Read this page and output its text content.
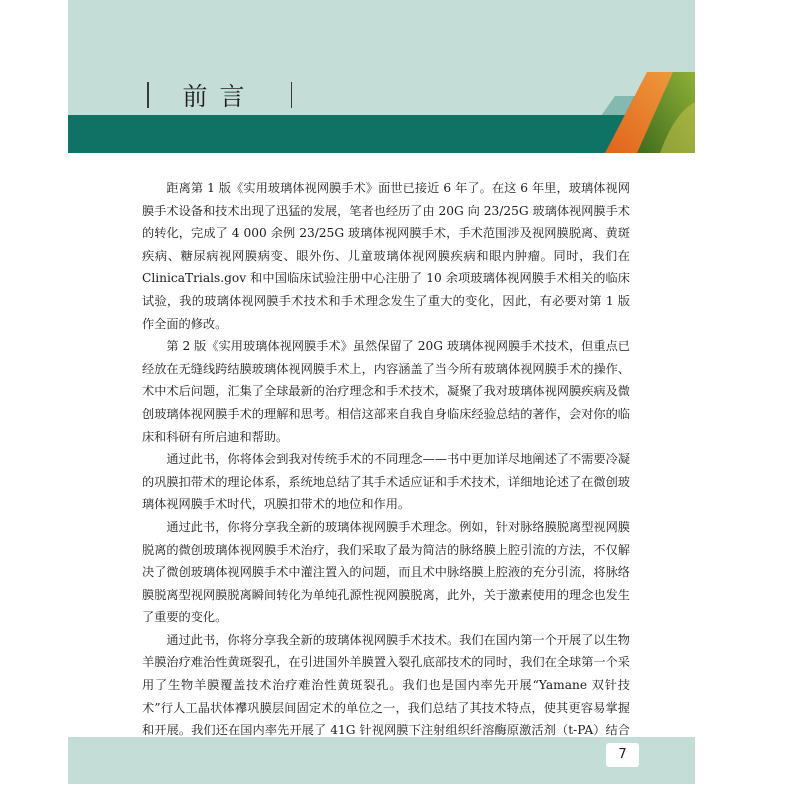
前言

距离第 1 版《实用玻璃体视网膜手术》面世已接近 6 年了。在这 6 年里，玻璃体视网膜手术设备和技术出现了迅猛的发展，笔者也经历了由 20G 向 23/25G 玻璃体视网膜手术的转化，完成了 4 000 余例 23/25G 玻璃体视网膜手术，手术范围涉及视网膜脱离、黄斑疾病、糖尿病视网膜病变、眼外伤、儿童玻璃体视网膜疾病和眼内肿瘤。同时，我们在 ClinicaTrials.gov 和中国临床试验注册中心注册了 10 余项玻璃体视网膜手术相关的临床试验，我的玻璃体视网膜手术技术和手术理念发生了重大的变化，因此，有必要对第 1 版作全面的修改。

第 2 版《实用玻璃体视网膜手术》虽然保留了 20G 玻璃体视网膜手术技术，但重点已经放在无缝线跨结膜玻璃体视网膜手术上，内容涵盖了当今所有玻璃体视网膜手术的操作、术中术后问题，汇集了全球最新的治疗理念和手术技术，凝聚了我对玻璃体视网膜疾病及微创玻璃体视网膜手术的理解和思考。相信这部来自我自身临床经验总结的著作，会对你的临床和科研有所启迪和帮助。

通过此书，你将体会到我对传统手术的不同理念——书中更加详尽地阐述了不需要冷凝的巩膜扣带术的理论体系，系统地总结了其手术适应证和手术技术，详细地论述了在微创玻璃体视网膜手术时代，巩膜扣带术的地位和作用。

通过此书，你将分享我全新的玻璃体视网膜手术理念。例如，针对脉络膜脱离型视网膜脱离的微创玻璃体视网膜手术治疗，我们采取了最为简洁的脉络膜上腔引流的方法，不仅解决了微创玻璃体视网膜手术中灌注置入的问题，而且术中脉络膜上腔液的充分引流，将脉络膜脱离型视网膜脱离瞬间转化为单纯孔源性视网膜脱离，此外，关于激素使用的理念也发生了重要的变化。

通过此书，你将分享我全新的玻璃体视网膜手术技术。我们在国内第一个开展了以生物羊膜治疗难治性黄斑裂孔，在引进国外羊膜置入裂孔底部技术的同时，我们在全球第一个采用了生物羊膜覆盖技术治疗难治性黄斑裂孔。我们也是国内率先开展“Yamane 双针技术”行人工晶状体襻巩膜层间固定术的单位之一，我们总结了其技术特点，使其更容易掌握和开展。我们还在国内率先开展了 41G 针视网膜下注射组织纤溶酶原激活剂（t-PA）结合

7
